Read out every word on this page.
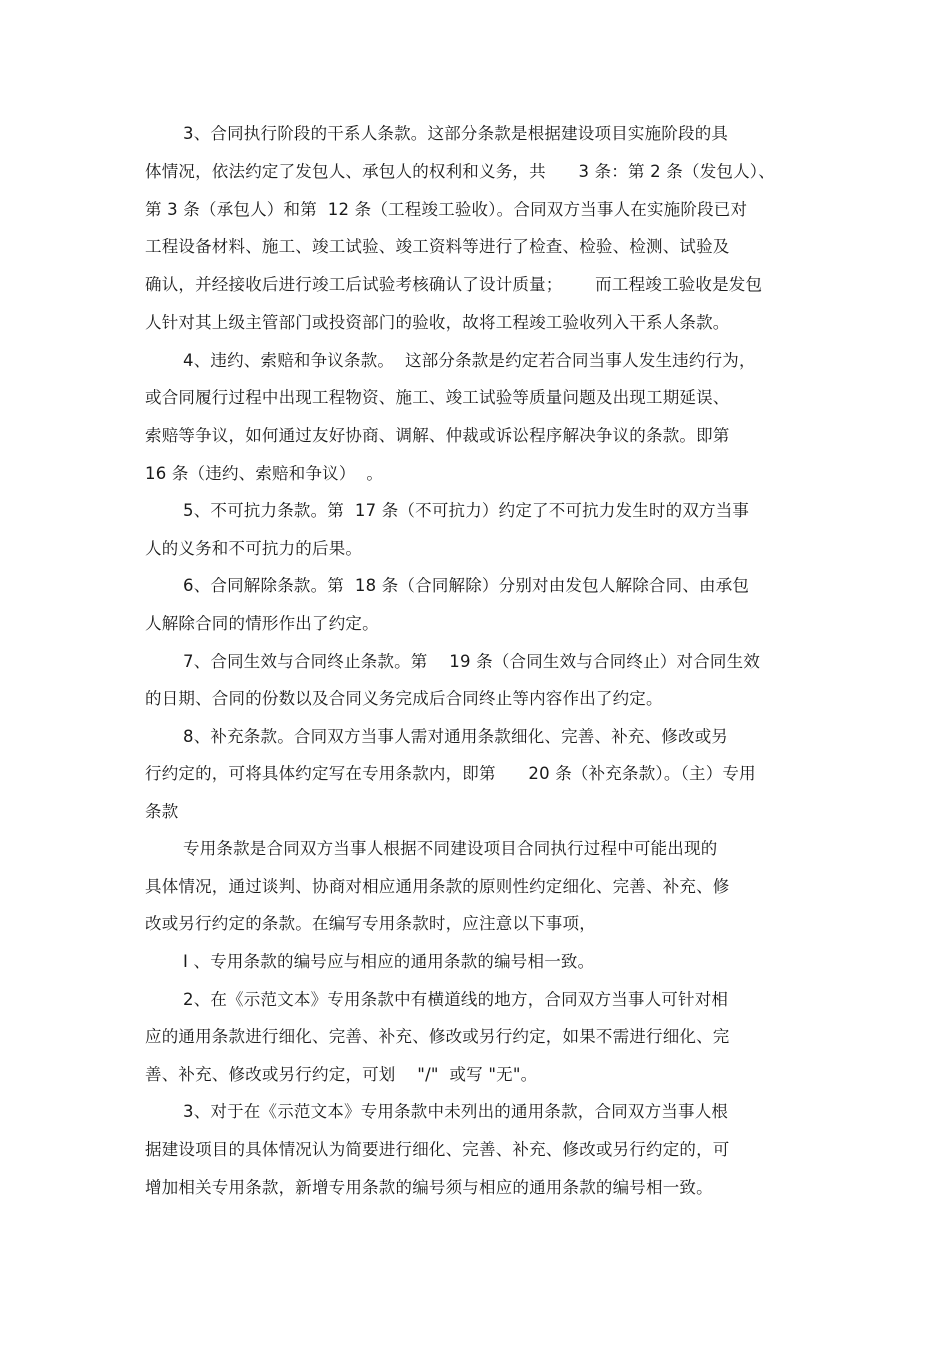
3、合同执行阶段的干系人条款。这部分条款是根据建设项目实施阶段的具
体情况，依法约定了发包人、承包人的权利和义务，共      3 条：第 2 条（发包人）、
第 3 条（承包人）和第  12 条（工程竣工验收）。合同双方当事人在实施阶段已对
工程设备材料、施工、竣工试验、竣工资料等进行了检查、检验、检测、试验及
确认，并经接收后进行竣工后试验考核确认了设计质量；      而工程竣工验收是发包
人针对其上级主管部门或投资部门的验收，故将工程竣工验收列入干系人条款。
4、违约、索赔和争议条款。  这部分条款是约定若合同当事人发生违约行为，
或合同履行过程中出现工程物资、施工、竣工试验等质量问题及出现工期延误、
索赔等争议，如何通过友好协商、调解、仲裁或诉讼程序解决争议的条款。即第
16 条（违约、索赔和争议）  。
5、不可抗力条款。第  17 条（不可抗力）约定了不可抗力发生时的双方当事
人的义务和不可抗力的后果。
6、合同解除条款。第  18 条（合同解除）分别对由发包人解除合同、由承包
人解除合同的情形作出了约定。
7、合同生效与合同终止条款。第    19 条（合同生效与合同终止）对合同生效
的日期、合同的份数以及合同义务完成后合同终止等内容作出了约定。
8、补充条款。合同双方当事人需对通用条款细化、完善、补充、修改或另
行约定的，可将具体约定写在专用条款内，即第      20 条（补充条款）。（主）专用
条款
专用条款是合同双方当事人根据不同建设项目合同执行过程中可能出现的
具体情况，通过谈判、协商对相应通用条款的原则性约定细化、完善、补充、修
改或另行约定的条款。在编写专用条款时，应注意以下事项，
I 、专用条款的编号应与相应的通用条款的编号相一致。
2、在《示范文本》专用条款中有横道线的地方，合同双方当事人可针对相
应的通用条款进行细化、完善、补充、修改或另行约定，如果不需进行细化、完
善、补充、修改或另行约定，可划    "/"  或写 "无"。
3、对于在《示范文本》专用条款中未列出的通用条款，合同双方当事人根
据建设项目的具体情况认为简要进行细化、完善、补充、修改或另行约定的，可
增加相关专用条款，新增专用条款的编号须与相应的通用条款的编号相一致。
